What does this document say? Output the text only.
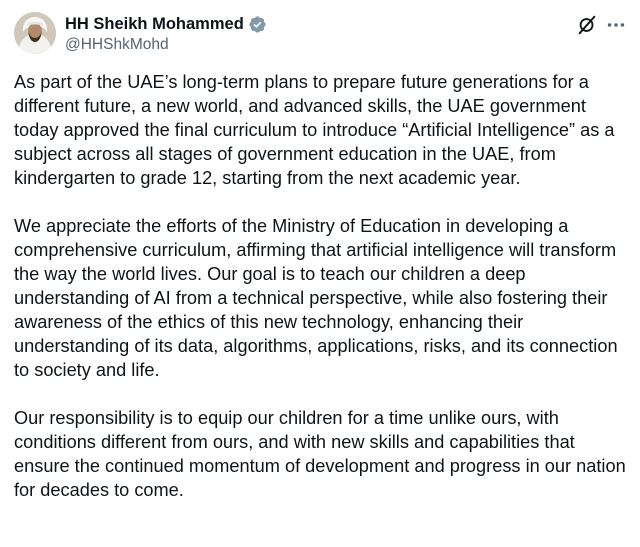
HH Sheikh Mohammed
@HHShkMohd

As part of the UAE’s long-term plans to prepare future generations for a different future, a new world, and advanced skills, the UAE government today approved the final curriculum to introduce “Artificial Intelligence” as a subject across all stages of government education in the UAE, from kindergarten to grade 12, starting from the next academic year.

We appreciate the efforts of the Ministry of Education in developing a comprehensive curriculum, affirming that artificial intelligence will transform the way the world lives. Our goal is to teach our children a deep understanding of AI from a technical perspective, while also fostering their awareness of the ethics of this new technology, enhancing their understanding of its data, algorithms, applications, risks, and its connection to society and life.

Our responsibility is to equip our children for a time unlike ours, with conditions different from ours, and with new skills and capabilities that ensure the continued momentum of development and progress in our nation for decades to come.
